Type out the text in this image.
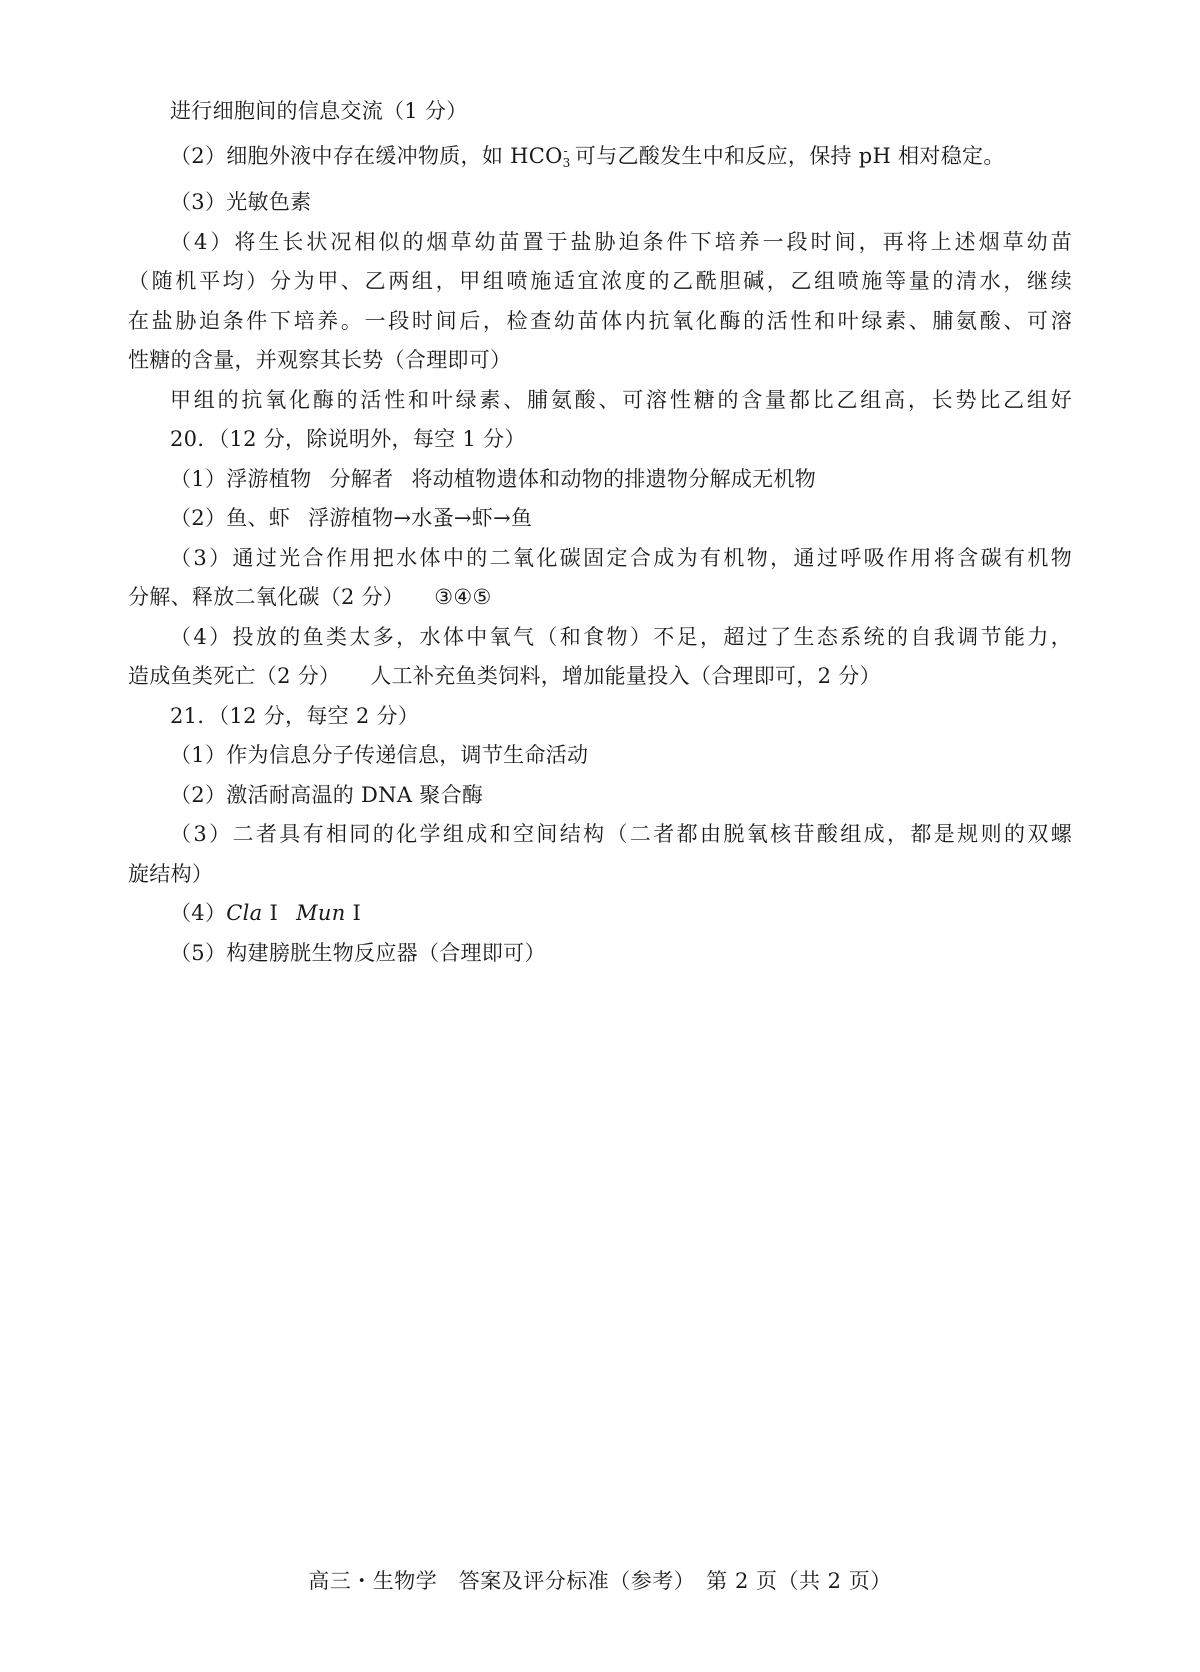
进行细胞间的信息交流（1 分）
（2）细胞外液中存在缓冲物质，如 $HCO_3^-$ 可与乙酸发生中和反应，保持 pH 相对稳定。
（3）光敏色素
（4）将生长状况相似的烟草幼苗置于盐胁迫条件下培养一段时间，再将上述烟草幼苗
（随机平均）分为甲、乙两组，甲组喷施适宜浓度的乙酰胆碱，乙组喷施等量的清水，继续
在盐胁迫条件下培养。一段时间后，检查幼苗体内抗氧化酶的活性和叶绿素、脯氨酸、可溶
性糖的含量，并观察其长势（合理即可）
甲组的抗氧化酶的活性和叶绿素、脯氨酸、可溶性糖的含量都比乙组高，长势比乙组好
20．（12 分，除说明外，每空 1 分）
（1）浮游植物 分解者 将动植物遗体和动物的排遗物分解成无机物
（2）鱼、虾 浮游植物→水蚤→虾→鱼
（3）通过光合作用把水体中的二氧化碳固定合成为有机物，通过呼吸作用将含碳有机物
分解、释放二氧化碳（2 分） ③④⑤
（4）投放的鱼类太多，水体中氧气（和食物）不足，超过了生态系统的自我调节能力，
造成鱼类死亡（2 分） 人工补充鱼类饲料，增加能量投入（合理即可，2 分）
21．（12 分，每空 2 分）
（1）作为信息分子传递信息，调节生命活动
（2）激活耐高温的 DNA 聚合酶
（3）二者具有相同的化学组成和空间结构（二者都由脱氧核苷酸组成，都是规则的双螺
旋结构）
（4）Cla Ⅰ Mun Ⅰ
（5）构建膀胱生物反应器（合理即可）
高三・生物学　答案及评分标准（参考）　第 2 页（共 2 页）
